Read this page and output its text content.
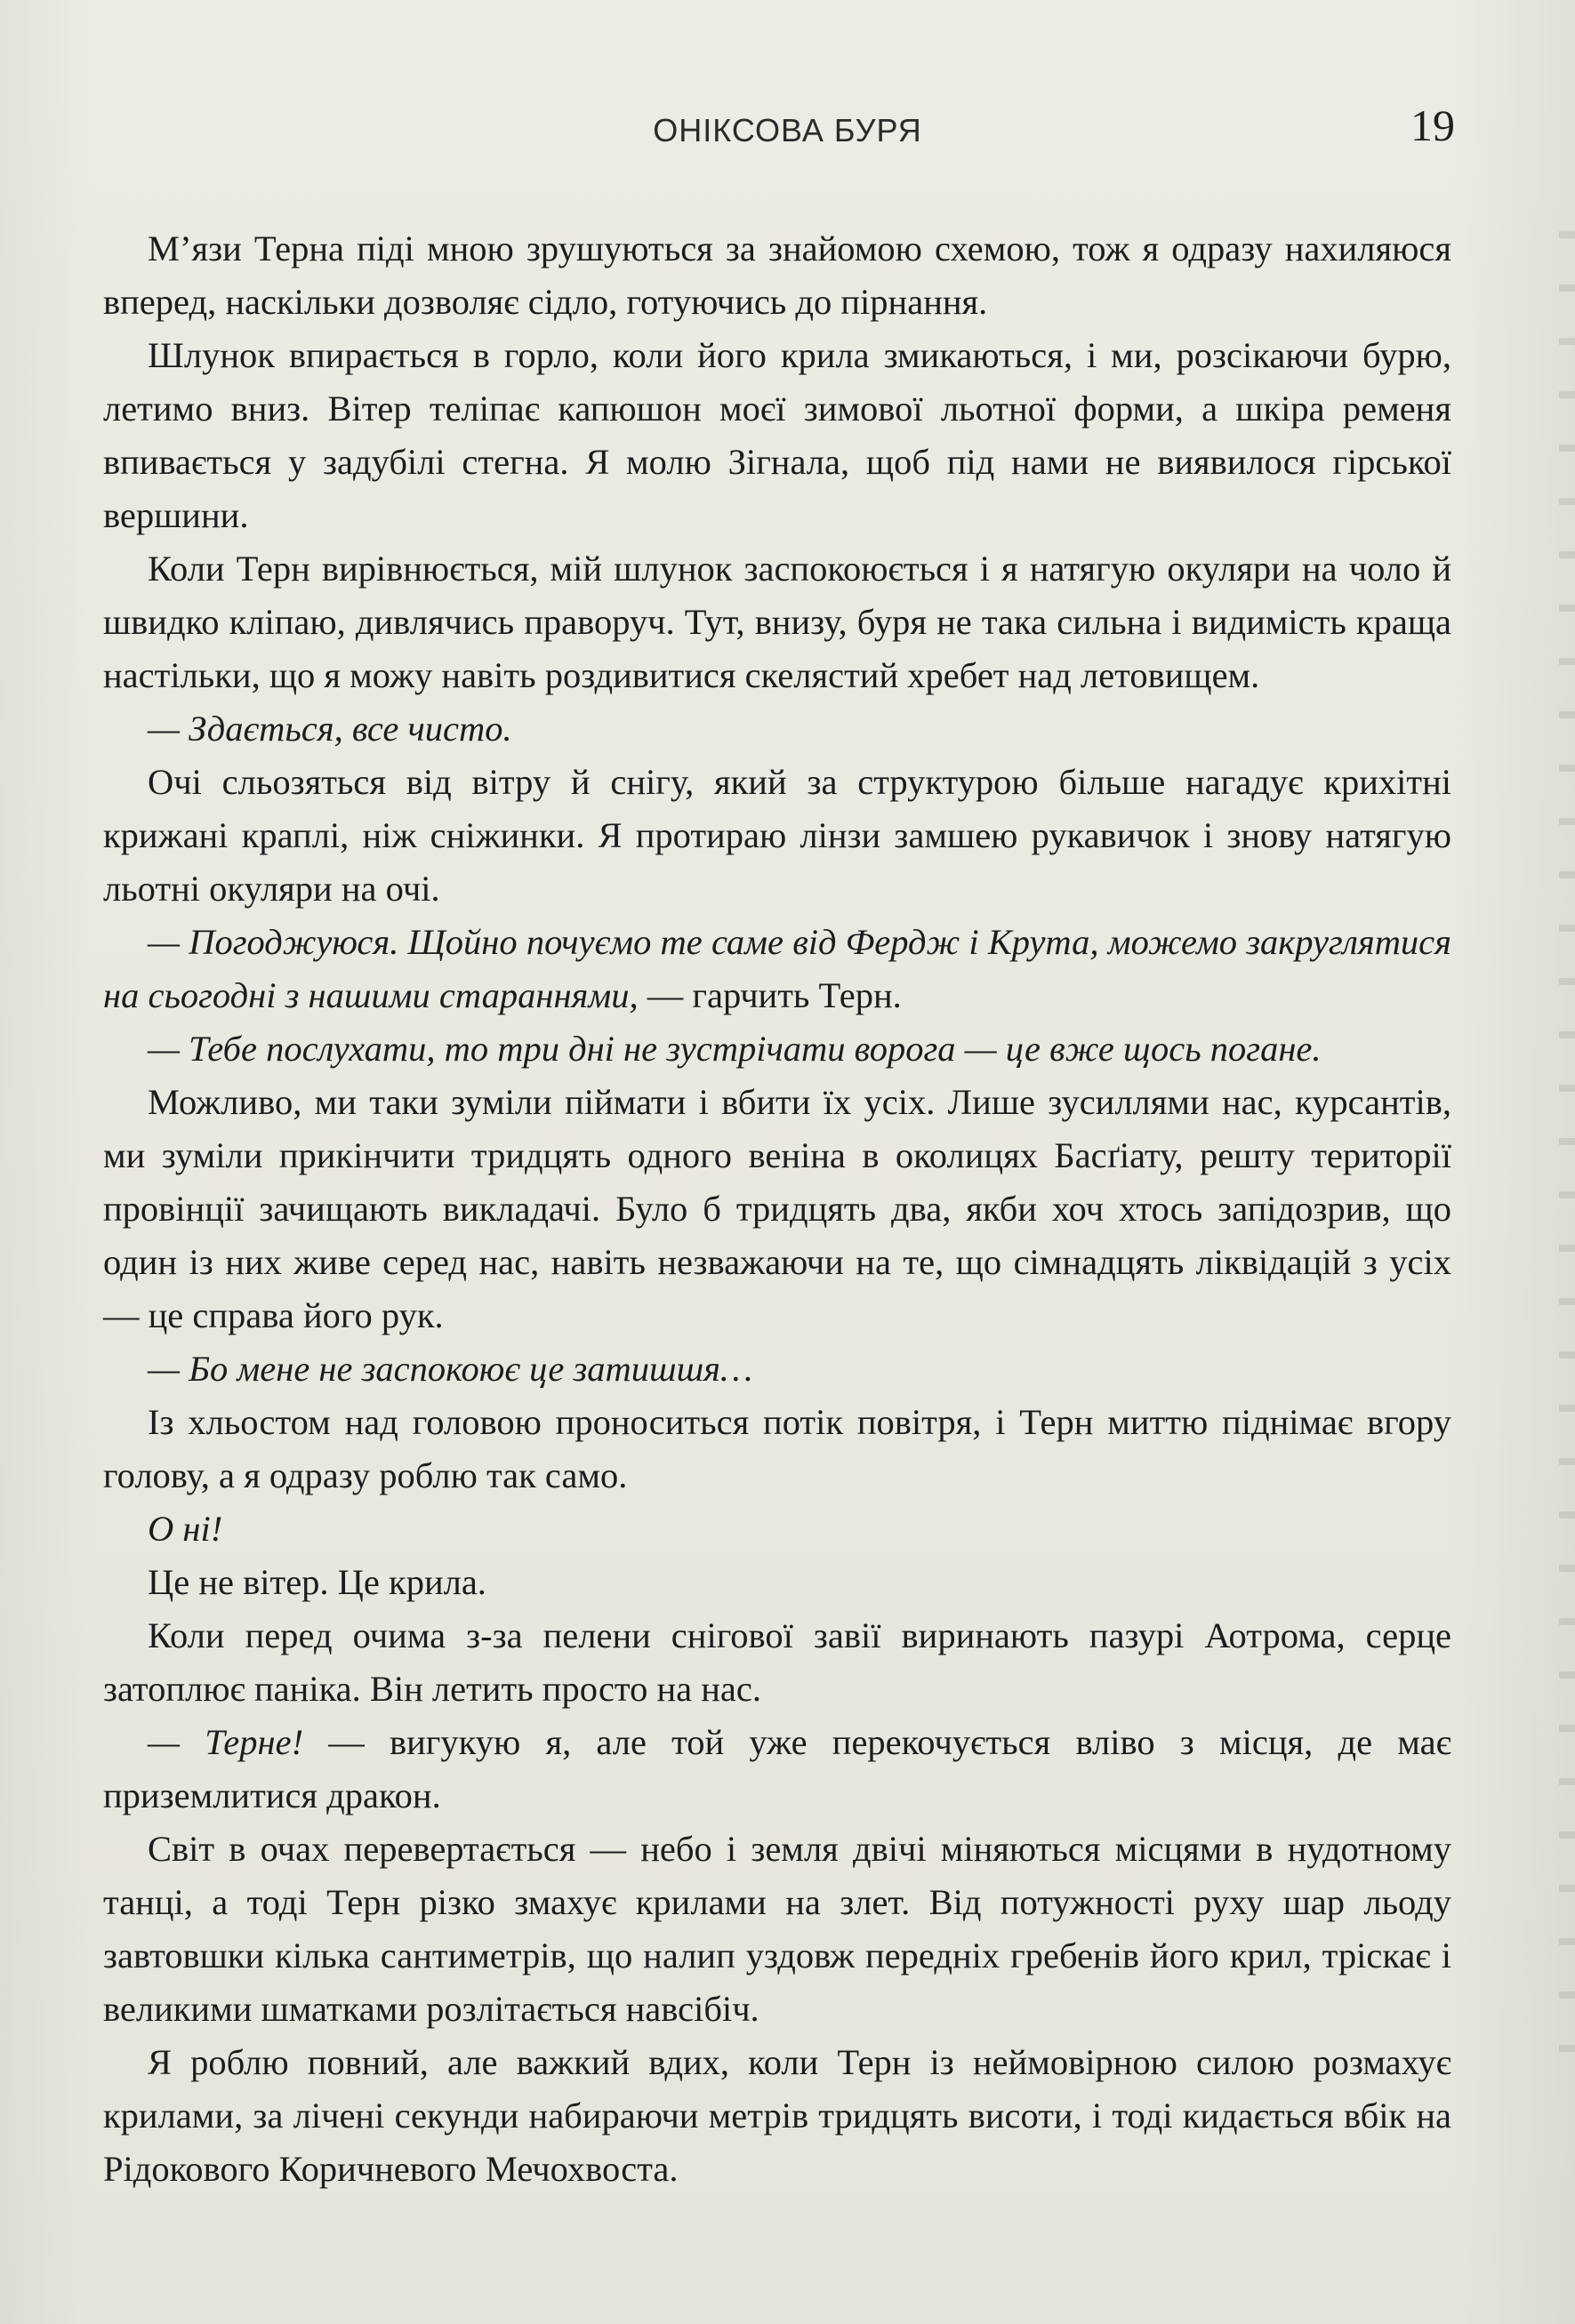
ОНІКСОВА БУРЯ	19

М’язи Терна піді мною зрушуються за знайомою схемою, тож я одразу нахиляюся вперед, наскільки дозволяє сідло, готуючись до пірнання.

Шлунок впирається в горло, коли його крила змикаються, і ми, розсікаючи бурю, летимо вниз. Вітер теліпає капюшон моєї зимової льотної форми, а шкіра ременя впивається у задубілі стегна. Я молю Зігнала, щоб під нами не виявилося гірської вершини.

Коли Терн вирівнюється, мій шлунок заспокоюється і я натягую окуляри на чоло й швидко кліпаю, дивлячись праворуч. Тут, внизу, буря не така сильна і видимість краща настільки, що я можу навіть роздивитися скелястий хребет над летовищем.

— Здається, все чисто.

Очі сльозяться від вітру й снігу, який за структурою більше нагадує крихітні крижані краплі, ніж сніжинки. Я протираю лінзи замшею рукавичок і знову натягую льотні окуляри на очі.

— Погоджуюся. Щойно почуємо те саме від Фердж і Крута, можемо закруглятися на сьогодні з нашими стараннями, — гарчить Терн.

— Тебе послухати, то три дні не зустрічати ворога — це вже щось погане.

Можливо, ми таки зуміли піймати і вбити їх усіх. Лише зусиллями нас, курсантів, ми зуміли прикінчити тридцять одного веніна в околицях Басґіату, решту території провінції зачищають викладачі. Було б тридцять два, якби хоч хтось запідозрив, що один із них живе серед нас, навіть незважаючи на те, що сімнадцять ліквідацій з усіх — це справа його рук.

— Бо мене не заспокоює це затишшя…

Із хльостом над головою проноситься потік повітря, і Терн миттю піднімає вгору голову, а я одразу роблю так само.

О ні!

Це не вітер. Це крила.

Коли перед очима з-за пелени снігової завії виринають пазурі Аотрома, серце затоплює паніка. Він летить просто на нас.

— Терне! — вигукую я, але той уже перекочується вліво з місця, де має приземлитися дракон.

Світ в очах перевертається — небо і земля двічі міняються місцями в нудотному танці, а тоді Терн різко змахує крилами на злет. Від потужності руху шар льоду завтовшки кілька сантиметрів, що налип уздовж передніх гребенів його крил, тріскає і великими шматками розлітається навсібіч.

Я роблю повний, але важкий вдих, коли Терн із неймовірною силою розмахує крилами, за лічені секунди набираючи метрів тридцять висоти, і тоді кидається вбік на Рідокового Коричневого Мечохвоста.
